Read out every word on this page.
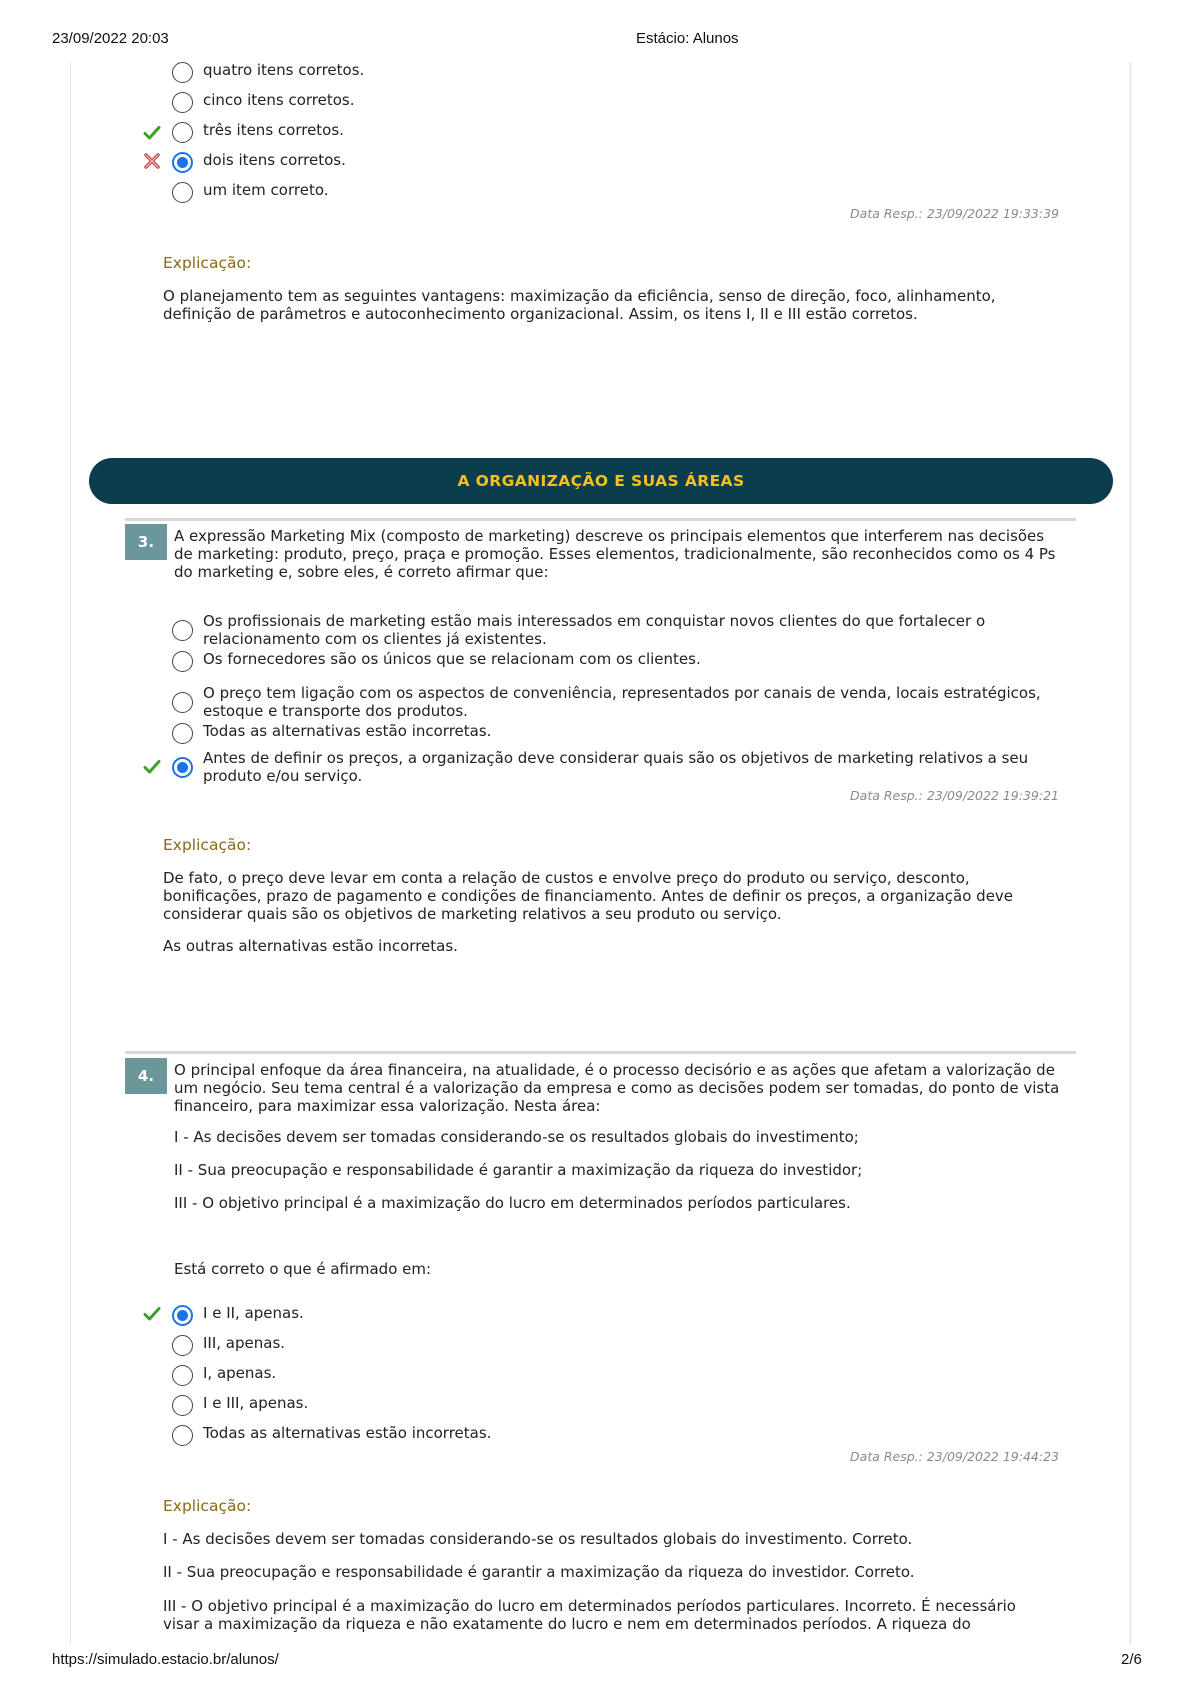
23/09/2022 20:03	Estácio: Alunos
https://simulado.estacio.br/alunos/	2/6
quatro itens corretos.
cinco itens corretos.
três itens corretos.
dois itens corretos.
um item correto.
Data Resp.: 23/09/2022 19:33:39
Explicação:
O planejamento tem as seguintes vantagens: maximização da eficiência, senso de direção, foco, alinhamento,
definição de parâmetros e autoconhecimento organizacional. Assim, os itens I, II e III estão corretos.
A ORGANIZAÇÃO E SUAS ÁREAS
3.	A expressão Marketing Mix (composto de marketing) descreve os principais elementos que interferem nas decisões
de marketing: produto, preço, praça e promoção. Esses elementos, tradicionalmente, são reconhecidos como os 4 Ps
do marketing e, sobre eles, é correto afirmar que:
Os profissionais de marketing estão mais interessados em conquistar novos clientes do que fortalecer o
relacionamento com os clientes já existentes.
Os fornecedores são os únicos que se relacionam com os clientes.
O preço tem ligação com os aspectos de conveniência, representados por canais de venda, locais estratégicos,
estoque e transporte dos produtos.
Todas as alternativas estão incorretas.
Antes de definir os preços, a organização deve considerar quais são os objetivos de marketing relativos a seu
produto e/ou serviço.
Data Resp.: 23/09/2022 19:39:21
Explicação:
De fato, o preço deve levar em conta a relação de custos e envolve preço do produto ou serviço, desconto,
bonificações, prazo de pagamento e condições de financiamento. Antes de definir os preços, a organização deve
considerar quais são os objetivos de marketing relativos a seu produto ou serviço.
As outras alternativas estão incorretas.
4.	O principal enfoque da área financeira, na atualidade, é o processo decisório e as ações que afetam a valorização de
um negócio. Seu tema central é a valorização da empresa e como as decisões podem ser tomadas, do ponto de vista
financeiro, para maximizar essa valorização. Nesta área:
I - As decisões devem ser tomadas considerando-se os resultados globais do investimento;
II - Sua preocupação e responsabilidade é garantir a maximização da riqueza do investidor;
III - O objetivo principal é a maximização do lucro em determinados períodos particulares.
Está correto o que é afirmado em:
I e II, apenas.
III, apenas.
I, apenas.
I e III, apenas.
Todas as alternativas estão incorretas.
Data Resp.: 23/09/2022 19:44:23
Explicação:
I - As decisões devem ser tomadas considerando-se os resultados globais do investimento. Correto.
II - Sua preocupação e responsabilidade é garantir a maximização da riqueza do investidor. Correto.
III - O objetivo principal é a maximização do lucro em determinados períodos particulares. Incorreto. É necessário
visar a maximização da riqueza e não exatamente do lucro e nem em determinados períodos. A riqueza do
